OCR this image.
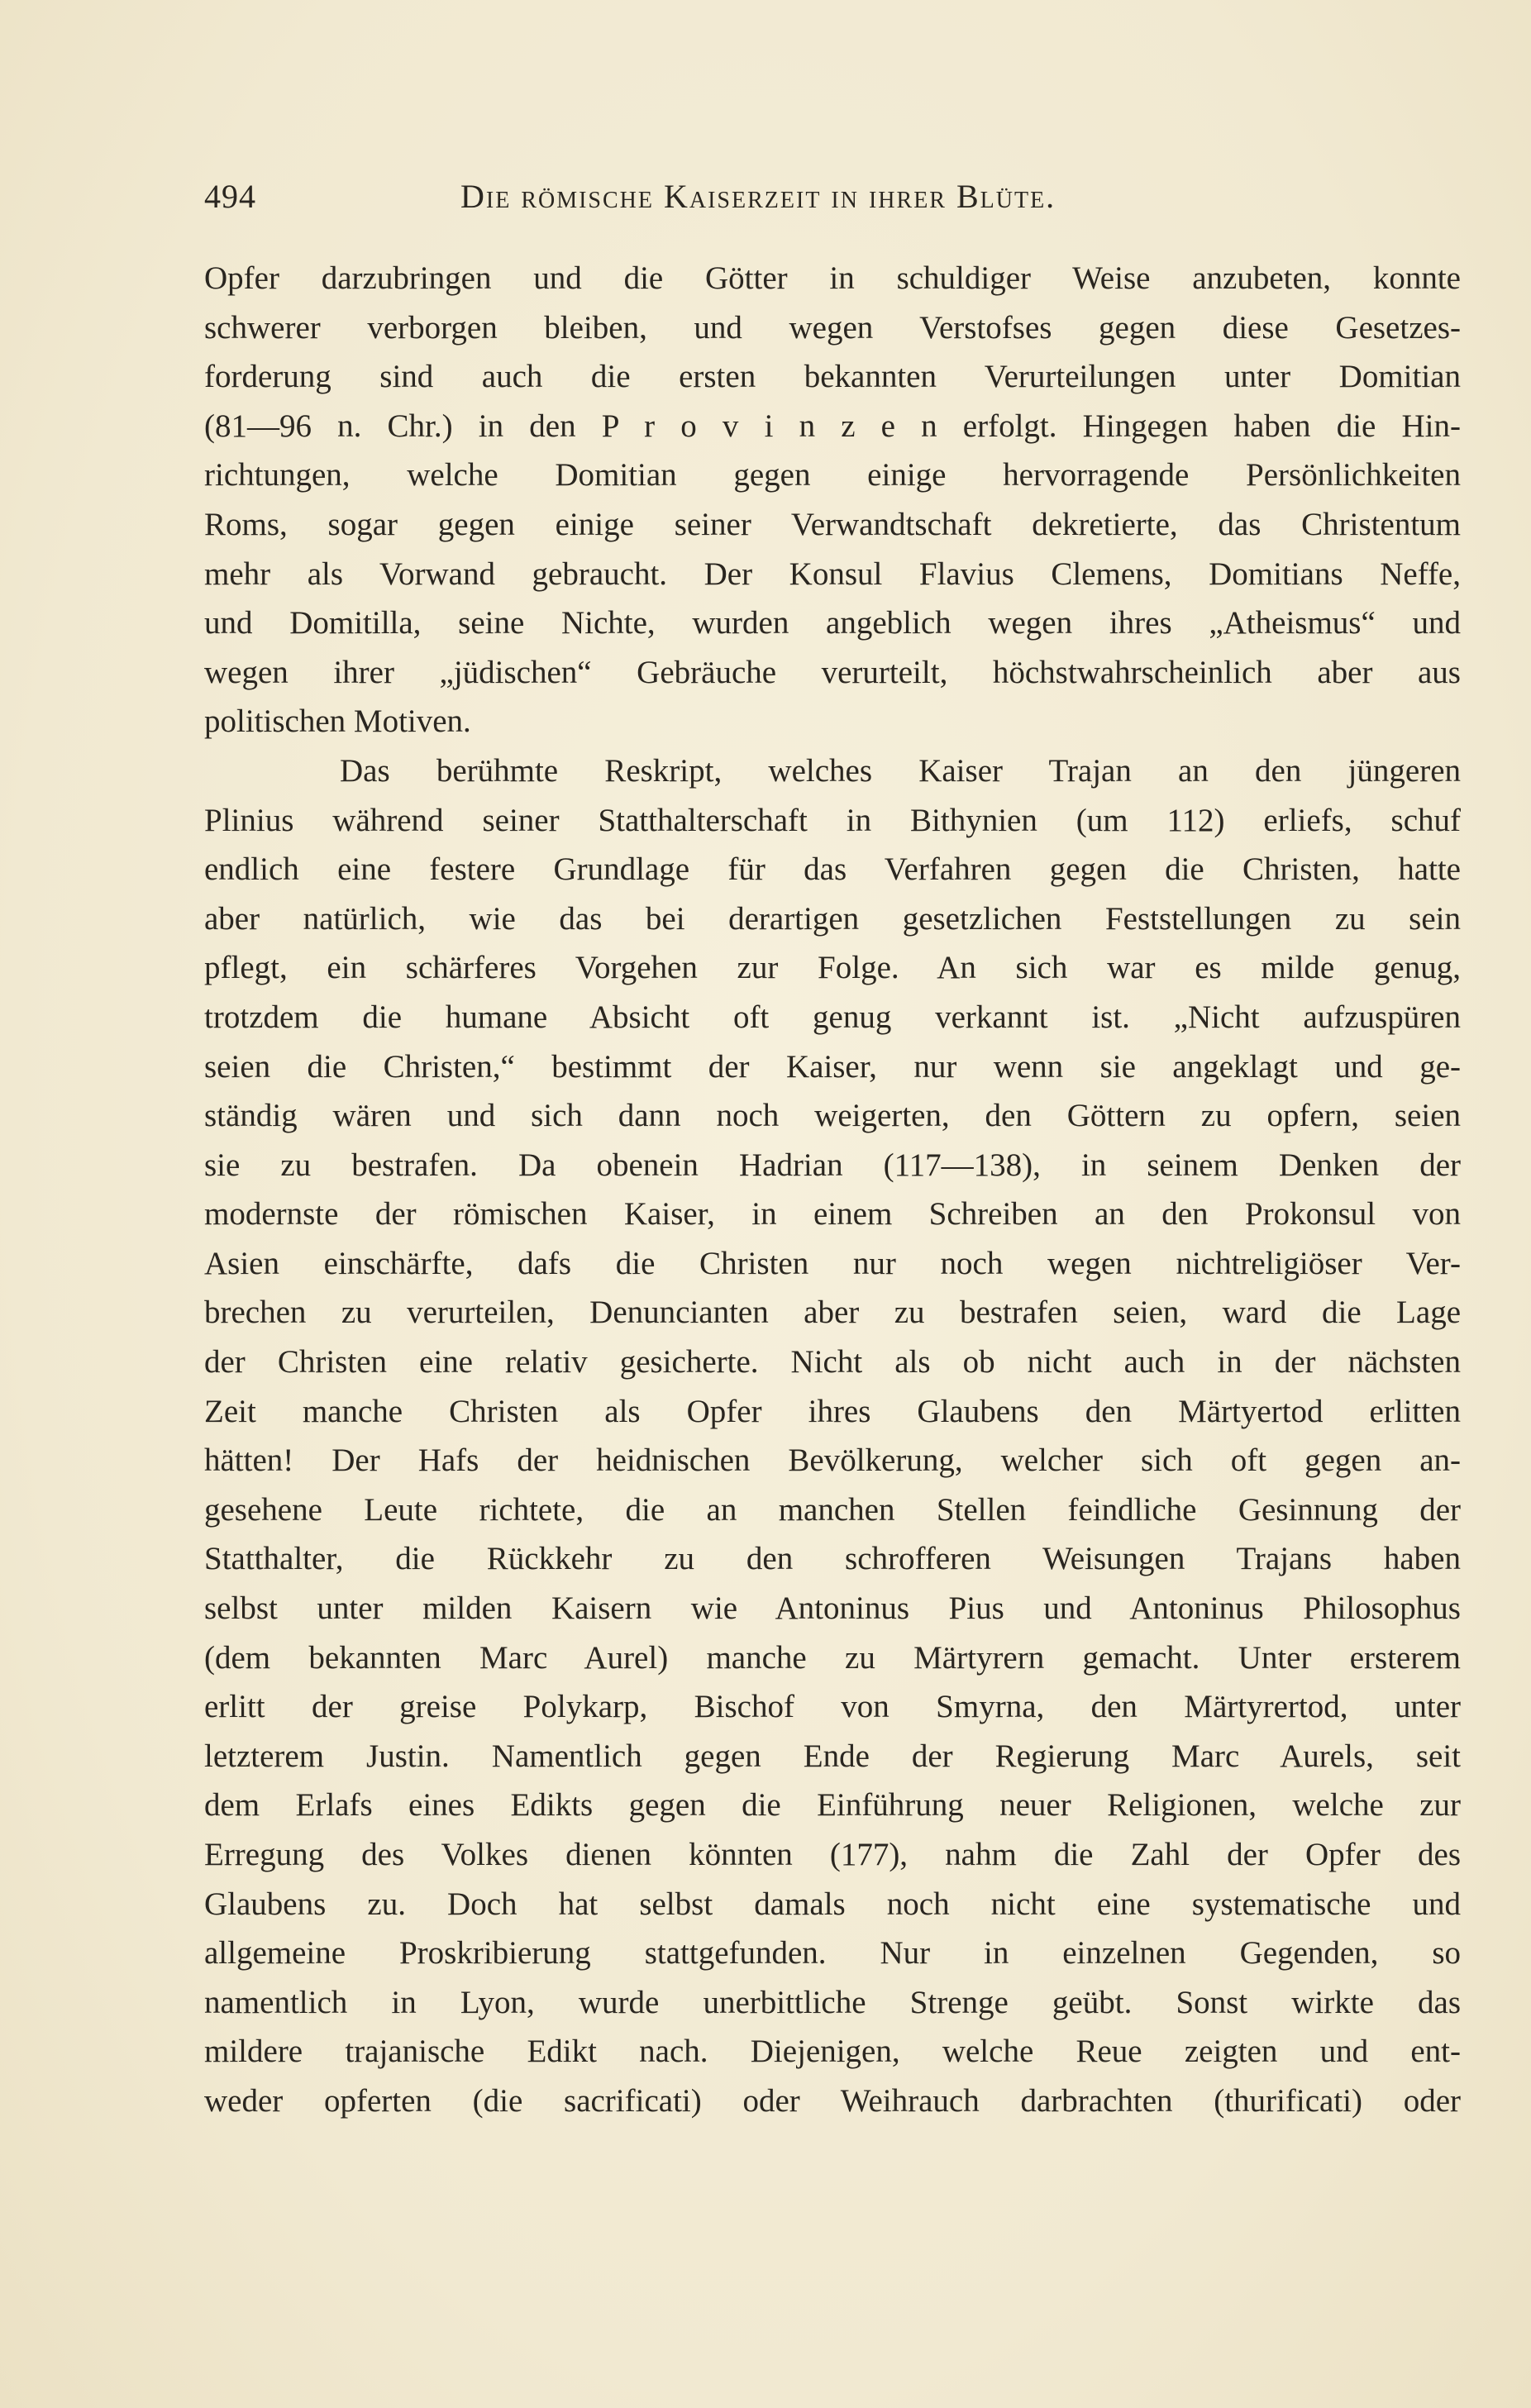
494	Die römische Kaiserzeit in ihrer Blüte.
Opfer darzubringen und die Götter in schuldiger Weise anzubeten, konnte
schwerer verborgen bleiben, und wegen Verstofses gegen diese Gesetzes-
forderung sind auch die ersten bekannten Verurteilungen unter Domitian
(81—96 n. Chr.) in den P r o v i n z e n erfolgt. Hingegen haben die Hin-
richtungen, welche Domitian gegen einige hervorragende Persönlichkeiten
Roms, sogar gegen einige seiner Verwandtschaft dekretierte, das Christentum
mehr als Vorwand gebraucht. Der Konsul Flavius Clemens, Domitians Neffe,
und Domitilla, seine Nichte, wurden angeblich wegen ihres „Atheismus“ und
wegen ihrer „jüdischen“ Gebräuche verurteilt, höchstwahrscheinlich aber aus
politischen Motiven.
Das berühmte Reskript, welches Kaiser Trajan an den jüngeren
Plinius während seiner Statthalterschaft in Bithynien (um 112) erliefs, schuf
endlich eine festere Grundlage für das Verfahren gegen die Christen, hatte
aber natürlich, wie das bei derartigen gesetzlichen Feststellungen zu sein
pflegt, ein schärferes Vorgehen zur Folge. An sich war es milde genug,
trotzdem die humane Absicht oft genug verkannt ist. „Nicht aufzuspüren
seien die Christen,“ bestimmt der Kaiser, nur wenn sie angeklagt und ge-
ständig wären und sich dann noch weigerten, den Göttern zu opfern, seien
sie zu bestrafen. Da obenein Hadrian (117—138), in seinem Denken der
modernste der römischen Kaiser, in einem Schreiben an den Prokonsul von
Asien einschärfte, dafs die Christen nur noch wegen nichtreligiöser Ver-
brechen zu verurteilen, Denuncianten aber zu bestrafen seien, ward die Lage
der Christen eine relativ gesicherte. Nicht als ob nicht auch in der nächsten
Zeit manche Christen als Opfer ihres Glaubens den Märtyertod erlitten
hätten! Der Hafs der heidnischen Bevölkerung, welcher sich oft gegen an-
gesehene Leute richtete, die an manchen Stellen feindliche Gesinnung der
Statthalter, die Rückkehr zu den schrofferen Weisungen Trajans haben
selbst unter milden Kaisern wie Antoninus Pius und Antoninus Philosophus
(dem bekannten Marc Aurel) manche zu Märtyrern gemacht. Unter ersterem
erlitt der greise Polykarp, Bischof von Smyrna, den Märtyrertod, unter
letzterem Justin. Namentlich gegen Ende der Regierung Marc Aurels, seit
dem Erlafs eines Edikts gegen die Einführung neuer Religionen, welche zur
Erregung des Volkes dienen könnten (177), nahm die Zahl der Opfer des
Glaubens zu. Doch hat selbst damals noch nicht eine systematische und
allgemeine Proskribierung stattgefunden. Nur in einzelnen Gegenden, so
namentlich in Lyon, wurde unerbittliche Strenge geübt. Sonst wirkte das
mildere trajanische Edikt nach. Diejenigen, welche Reue zeigten und ent-
weder opferten (die sacrificati) oder Weihrauch darbrachten (thurificati) oder
